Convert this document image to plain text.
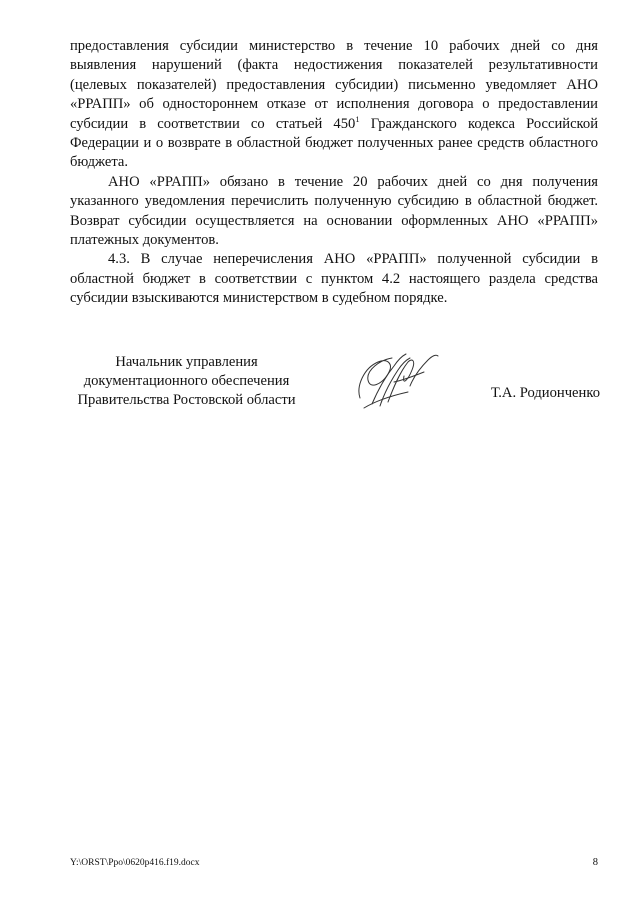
предоставления субсидии министерство в течение 10 рабочих дней со дня выявления нарушений (факта недостижения показателей результативности (целевых показателей) предоставления субсидии) письменно уведомляет АНО «РРАПП» об одностороннем отказе от исполнения договора о предоставлении субсидии в соответствии со статьей $450^1$ Гражданского кодекса Российской Федерации и о возврате в областной бюджет полученных ранее средств областного бюджета.

АНО «РРАПП» обязано в течение 20 рабочих дней со дня получения указанного уведомления перечислить полученную субсидию в областной бюджет. Возврат субсидии осуществляется на основании оформленных АНО «РРАПП» платежных документов.

4.3. В случае неперечисления АНО «РРАПП» полученной субсидии в областной бюджет в соответствии с пунктом 4.2 настоящего раздела средства субсидии взыскиваются министерством в судебном порядке.

Начальник управления
документационного обеспечения
Правительства Ростовской области	Т.А. Родионченко
Y:\ORST\Ppo\0620p416.f19.docx	8
